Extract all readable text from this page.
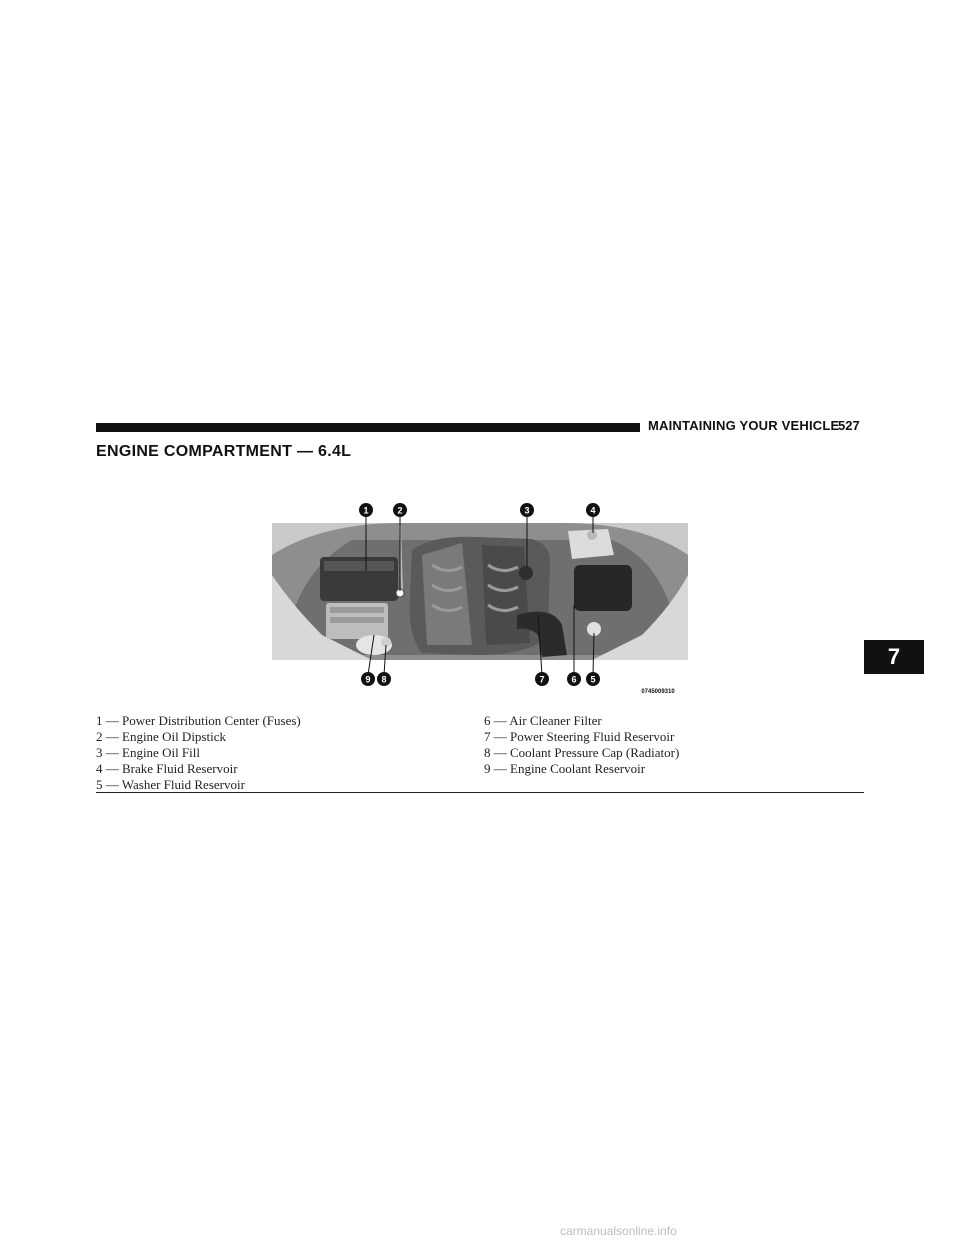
MAINTAINING YOUR VEHICLE
527
ENGINE COMPARTMENT — 6.4L
1	2	3	4
9 8	7	6 5
0745009310
7
1 — Power Distribution Center (Fuses)
2 — Engine Oil Dipstick
3 — Engine Oil Fill
4 — Brake Fluid Reservoir
5 — Washer Fluid Reservoir
6 — Air Cleaner Filter
7 — Power Steering Fluid Reservoir
8 — Coolant Pressure Cap (Radiator)
9 — Engine Coolant Reservoir
carmanualsonline.info
